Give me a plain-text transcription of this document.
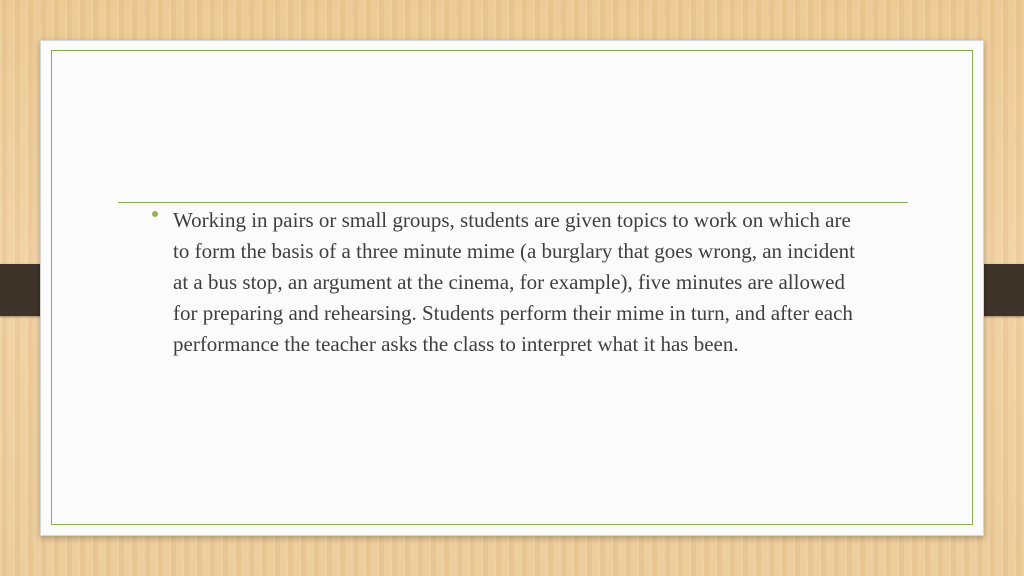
Working in pairs or small groups, students are given topics to work on which are to form the basis of a three minute mime (a burglary that goes wrong, an incident at a bus stop, an argument at the cinema, for example), five minutes are allowed for preparing and rehearsing. Students perform their mime in turn, and after each performance the teacher asks the class to interpret what it has been.
